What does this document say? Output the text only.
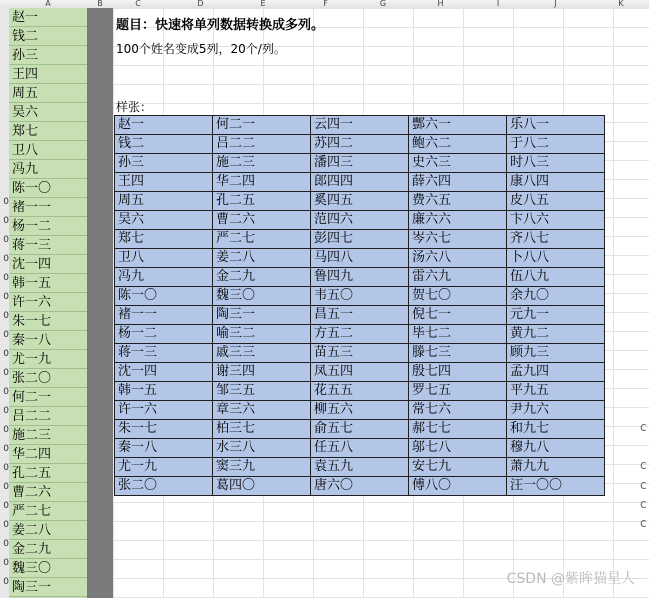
A	B	C	D	E	F	G	H	I	J	K
0
0
0
0
0
0
0
0
0
0
0
0
0
0
0
0
0
0
0
0
0
赵一
钱二
孙三
王四
周五
吴六
郑七
卫八
冯九
陈一〇
褚一一
杨一二
蒋一三
沈一四
韩一五
许一六
朱一七
秦一八
尤一九
张二〇
何二一
吕二二
施二三
华二四
孔二五
曹二六
严二七
姜二八
金二九
魏三〇
陶三一
题目：快速将单列数据转换成多列。
100个姓名变成5列，20个/列。
样张：
赵一	何二一	云四一	酆六一	乐八一
钱二	吕二二	苏四二	鲍六二	于八二
孙三	施二三	潘四三	史六三	时八三
王四	华二四	郎四四	薛六四	康八四
周五	孔二五	奚四五	费六五	皮八五
吴六	曹二六	范四六	廉六六	卞八六
郑七	严二七	彭四七	岑六七	齐八七
卫八	姜二八	马四八	汤六八	卜八八
冯九	金二九	鲁四九	雷六九	伍八九
陈一〇	魏三〇	韦五〇	贺七〇	余九〇
褚一一	陶三一	昌五一	倪七一	元九一
杨一二	喻三二	方五二	毕七二	黄九二
蒋一三	戚三三	苗五三	滕七三	顾九三
沈一四	谢三四	凤五四	殷七四	孟九四
韩一五	邹三五	花五五	罗七五	平九五
许一六	章三六	柳五六	常七六	尹九六
朱一七	柏三七	俞五七	郝七七	和九七
秦一八	水三八	任五八	邬七八	穆九八
尤一九	窦三九	袁五九	安七九	萧九九
张二〇	葛四〇	唐六〇	傅八〇	汪一〇〇
c
c
c
c
c
CSDN @紫眸猫星人
